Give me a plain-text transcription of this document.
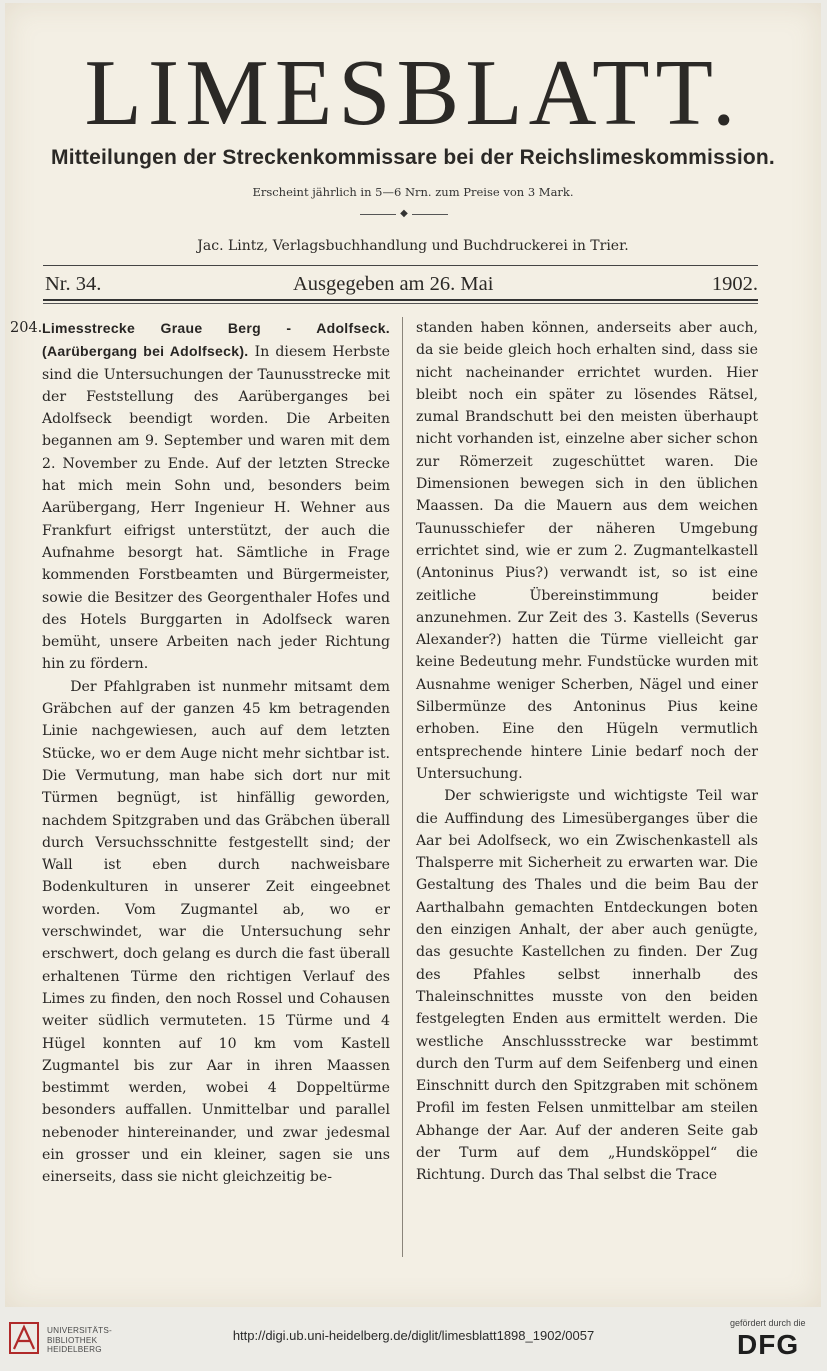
LIMESBLATT.
Mitteilungen der Streckenkommissare bei der Reichslimeskommission.
Erscheint jährlich in 5—6 Nrn. zum Preise von 3 Mark.
◆
Jac. Lintz, Verlagsbuchhandlung und Buchdruckerei in Trier.
Nr. 34.	Ausgegeben am 26. Mai	1902.
204. Limesstrecke Graue Berg - Adolfseck. (Aarübergang bei Adolfseck). In diesem Herbste sind die Untersuchungen der Taunusstrecke mit der Feststellung des Aarüberganges bei Adolfseck beendigt worden. Die Arbeiten begannen am 9. September und waren mit dem 2. November zu Ende. Auf der letzten Strecke hat mich mein Sohn und, besonders beim Aarübergang, Herr Ingenieur H. Wehner aus Frankfurt eifrigst unterstützt, der auch die Aufnahme besorgt hat. Sämtliche in Frage kommenden Forstbeamten und Bürgermeister, sowie die Besitzer des Georgenthaler Hofes und des Hotels Burggarten in Adolfseck waren bemüht, unsere Arbeiten nach jeder Richtung hin zu fördern.

Der Pfahlgraben ist nunmehr mitsamt dem Gräbchen auf der ganzen 45 km betragenden Linie nachgewiesen, auch auf dem letzten Stücke, wo er dem Auge nicht mehr sichtbar ist. Die Vermutung, man habe sich dort nur mit Türmen begnügt, ist hinfällig geworden, nachdem Spitzgraben und das Gräbchen überall durch Versuchsschnitte festgestellt sind; der Wall ist eben durch nachweisbare Bodenkulturen in unserer Zeit eingeebnet worden. Vom Zugmantel ab, wo er verschwindet, war die Untersuchung sehr erschwert, doch gelang es durch die fast überall erhaltenen Türme den richtigen Verlauf des Limes zu finden, den noch Rossel und Cohausen weiter südlich vermuteten. 15 Türme und 4 Hügel konnten auf 10 km vom Kastell Zugmantel bis zur Aar in ihren Maassen bestimmt werden, wobei 4 Doppeltürme besonders auffallen. Unmittelbar und parallel nebenoder hintereinander, und zwar jedesmal ein grosser und ein kleiner, sagen sie uns einerseits, dass sie nicht gleichzeitig be-

standen haben können, anderseits aber auch, da sie beide gleich hoch erhalten sind, dass sie nicht nacheinander errichtet wurden. Hier bleibt noch ein später zu lösendes Rätsel, zumal Brandschutt bei den meisten überhaupt nicht vorhanden ist, einzelne aber sicher schon zur Römerzeit zugeschüttet waren. Die Dimensionen bewegen sich in den üblichen Maassen. Da die Mauern aus dem weichen Taunusschiefer der näheren Umgebung errichtet sind, wie er zum 2. Zugmantelkastell (Antoninus Pius?) verwandt ist, so ist eine zeitliche Übereinstimmung beider anzunehmen. Zur Zeit des 3. Kastells (Severus Alexander?) hatten die Türme vielleicht gar keine Bedeutung mehr. Fundstücke wurden mit Ausnahme weniger Scherben, Nägel und einer Silbermünze des Antoninus Pius keine erhoben. Eine den Hügeln vermutlich entsprechende hintere Linie bedarf noch der Untersuchung.

Der schwierigste und wichtigste Teil war die Auffindung des Limesüberganges über die Aar bei Adolfseck, wo ein Zwischenkastell als Thalsperre mit Sicherheit zu erwarten war. Die Gestaltung des Thales und die beim Bau der Aarthalbahn gemachten Entdeckungen boten den einzigen Anhalt, der aber auch genügte, das gesuchte Kastellchen zu finden. Der Zug des Pfahles selbst innerhalb des Thaleinschnittes musste von den beiden festgelegten Enden aus ermittelt werden. Die westliche Anschlussstrecke war bestimmt durch den Turm auf dem Seifenberg und einen Einschnitt durch den Spitzgraben mit schönem Profil im festen Felsen unmittelbar am steilen Abhange der Aar. Auf der anderen Seite gab der Turm auf dem „Hundsköppel“ die Richtung. Durch das Thal selbst die Trace

UNIVERSITÄTS-
BIBLIOTHEK
HEIDELBERG
http://digi.ub.uni-heidelberg.de/diglit/limesblatt1898_1902/0057
gefördert durch die
DFG
